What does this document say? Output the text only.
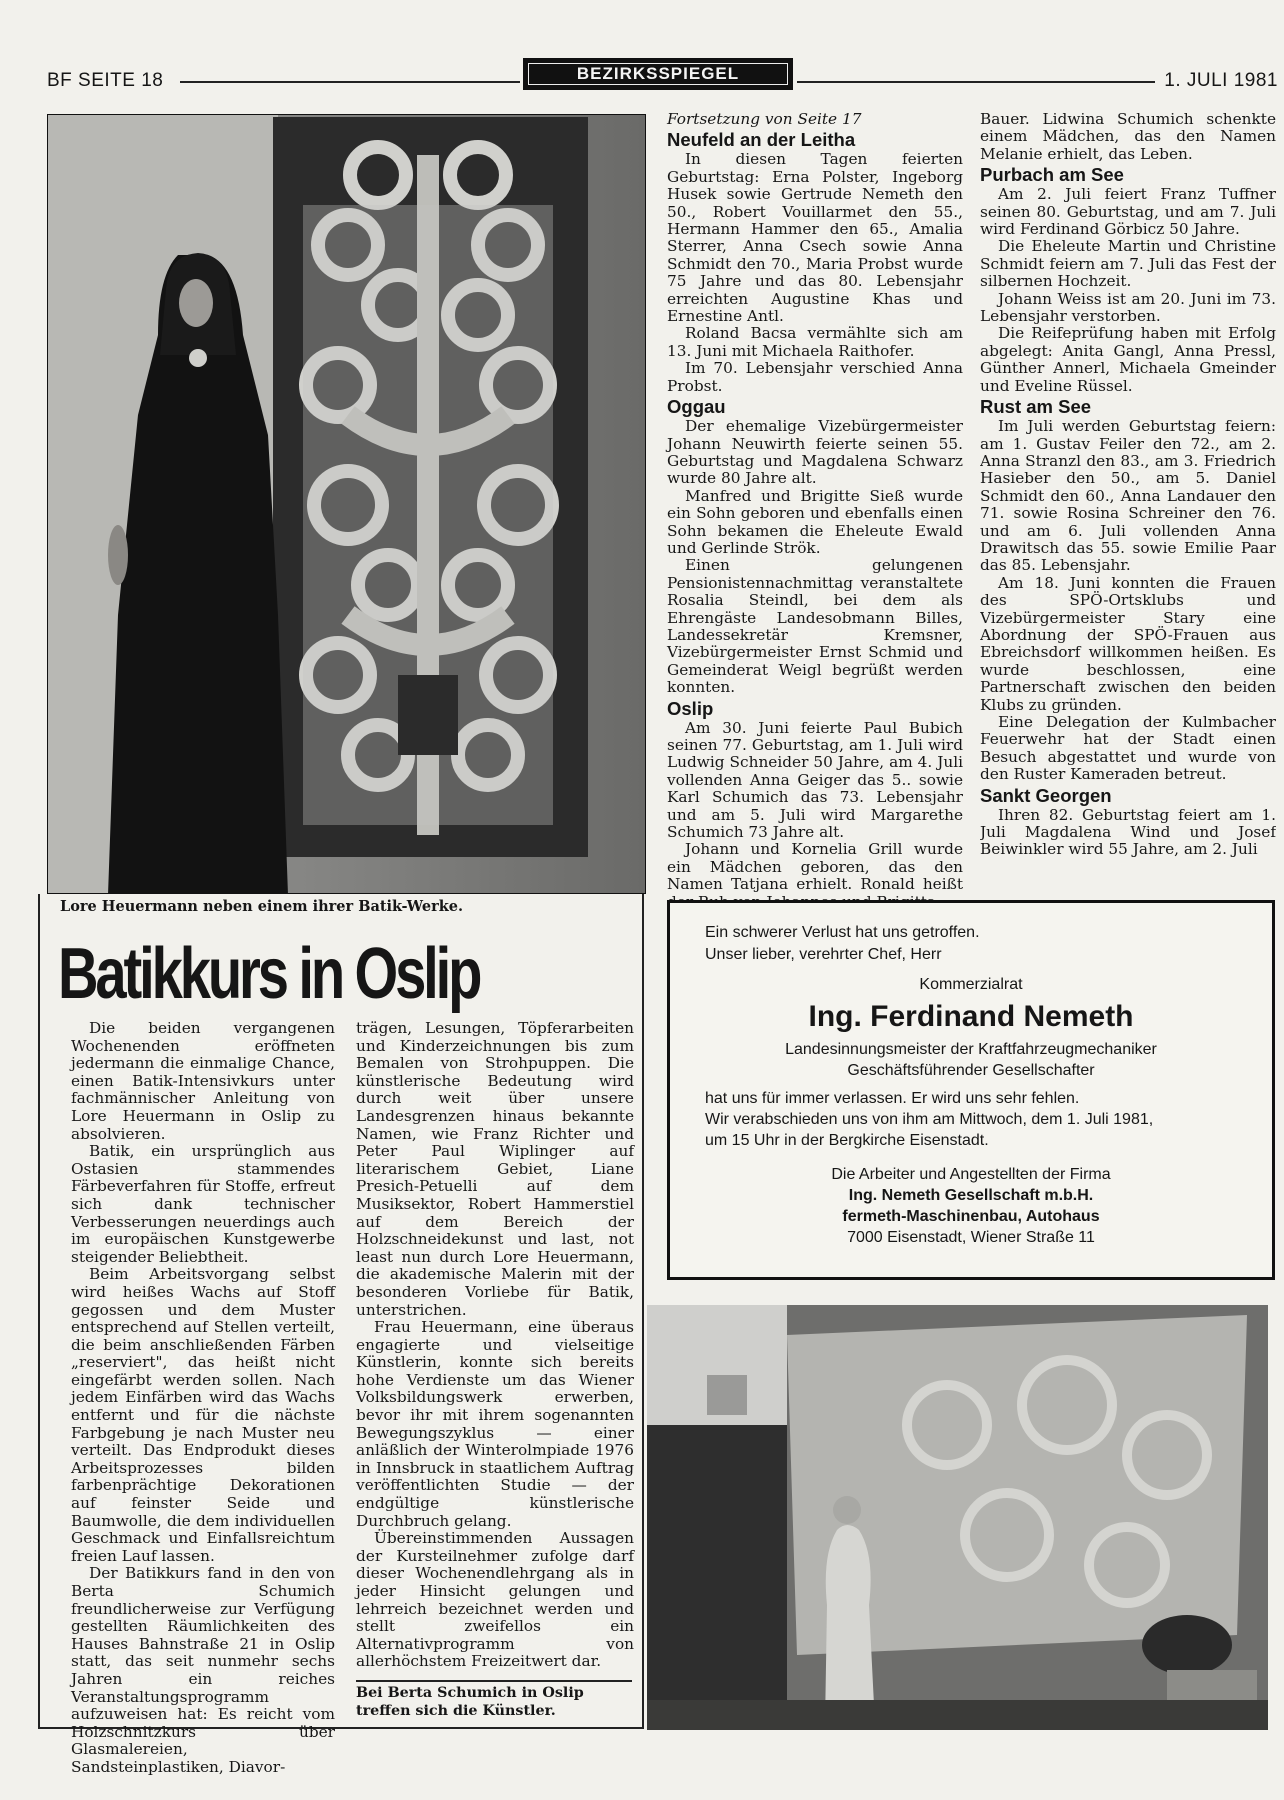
BF SEITE 18	BEZIRKSSPIEGEL	1. JULI 1981
Lore Heuermann neben einem ihrer Batik-Werke.
Batikkurs in Oslip

Die beiden vergangenen Wochenenden eröffneten jedermann die einmalige Chance, einen Batik-Intensivkurs unter fachmännischer Anleitung von Lore Heuermann in Oslip zu absolvieren.

Batik, ein ursprünglich aus Ostasien stammendes Färbeverfahren für Stoffe, erfreut sich dank technischer Verbesserungen neuerdings auch im europäischen Kunstgewerbe steigender Beliebtheit.

Beim Arbeitsvorgang selbst wird heißes Wachs auf Stoff gegossen und dem Muster entsprechend auf Stellen verteilt, die beim anschließenden Färben „reserviert", das heißt nicht eingefärbt werden sollen. Nach jedem Einfärben wird das Wachs entfernt und für die nächste Farbgebung je nach Muster neu verteilt. Das Endprodukt dieses Arbeitsprozesses bilden farbenprächtige Dekorationen auf feinster Seide und Baumwolle, die dem individuellen Geschmack und Einfallsreichtum freien Lauf lassen.

Der Batikkurs fand in den von Berta Schumich freundlicherweise zur Verfügung gestellten Räumlichkeiten des Hauses Bahnstraße 21 in Oslip statt, das seit nunmehr sechs Jahren ein reiches Veranstaltungsprogramm aufzuweisen hat: Es reicht vom Holzschnitzkurs über Glasmalereien, Sandsteinplastiken, Diavor-

trägen, Lesungen, Töpferarbeiten und Kinderzeichnungen bis zum Bemalen von Strohpuppen. Die künstlerische Bedeutung wird durch weit über unsere Landesgrenzen hinaus bekannte Namen, wie Franz Richter und Peter Paul Wiplinger auf literarischem Gebiet, Liane Presich-Petuelli auf dem Musiksektor, Robert Hammerstiel auf dem Bereich der Holzschneidekunst und last, not least nun durch Lore Heuermann, die akademische Malerin mit der besonderen Vorliebe für Batik, unterstrichen.

Frau Heuermann, eine überaus engagierte und vielseitige Künstlerin, konnte sich bereits hohe Verdienste um das Wiener Volksbildungswerk erwerben, bevor ihr mit ihrem sogenannten Bewegungszyklus — einer anläßlich der Winterolmpiade 1976 in Innsbruck in staatlichem Auftrag veröffentlichten Studie — der endgültige künstlerische Durchbruch gelang.

Übereinstimmenden Aussagen der Kursteilnehmer zufolge darf dieser Wochenendlehrgang als in jeder Hinsicht gelungen und lehrreich bezeichnet werden und stellt zweifellos ein Alternativprogramm von allerhöchstem Freizeitwert dar.

Bei Berta Schumich in Oslip treffen sich die Künstler.

Fortsetzung von Seite 17

Neufeld an der Leitha

In diesen Tagen feierten Geburtstag: Erna Polster, Ingeborg Husek sowie Gertrude Nemeth den 50., Robert Vouillarmet den 55., Hermann Hammer den 65., Amalia Sterrer, Anna Csech sowie Anna Schmidt den 70., Maria Probst wurde 75 Jahre und das 80. Lebensjahr erreichten Augustine Khas und Ernestine Antl.

Roland Bacsa vermählte sich am 13. Juni mit Michaela Raithofer.

Im 70. Lebensjahr verschied Anna Probst.

Oggau

Der ehemalige Vizebürgermeister Johann Neuwirth feierte seinen 55. Geburtstag und Magdalena Schwarz wurde 80 Jahre alt.

Manfred und Brigitte Sieß wurde ein Sohn geboren und ebenfalls einen Sohn bekamen die Eheleute Ewald und Gerlinde Strök.

Einen gelungenen Pensionistennachmittag veranstaltete Rosalia Steindl, bei dem als Ehrengäste Landesobmann Billes, Landessekretär Kremsner, Vizebürgermeister Ernst Schmid und Gemeinderat Weigl begrüßt werden konnten.

Oslip

Am 30. Juni feierte Paul Bubich seinen 77. Geburtstag, am 1. Juli wird Ludwig Schneider 50 Jahre, am 4. Juli vollenden Anna Geiger das 5.. sowie Karl Schumich das 73. Lebensjahr und am 5. Juli wird Margarethe Schumich 73 Jahre alt.

Johann und Kornelia Grill wurde ein Mädchen geboren, das den Namen Tatjana erhielt. Ronald heißt

Bauer. Lidwina Schumich schenkte einem Mädchen, das den Namen Melanie erhielt, das Leben.

Purbach am See

Am 2. Juli feiert Franz Tuffner seinen 80. Geburtstag, und am 7. Juli wird Ferdinand Görbicz 50 Jahre.

Die Eheleute Martin und Christine Schmidt feiern am 7. Juli das Fest der silbernen Hochzeit.

Johann Weiss ist am 20. Juni im 73. Lebensjahr verstorben.

Die Reifeprüfung haben mit Erfolg abgelegt: Anita Gangl, Anna Pressl, Günther Annerl, Michaela Gmeinder und Eveline Rüssel.

Rust am See

Im Juli werden Geburtstag feiern: am 1. Gustav Feiler den 72., am 2. Anna Stranzl den 83., am 3. Friedrich Hasieber den 50., am 5. Daniel Schmidt den 60., Anna Landauer den 71. sowie Rosina Schreiner den 76. und am 6. Juli vollenden Anna Drawitsch das 55. sowie Emilie Paar das 85. Lebensjahr.

Am 18. Juni konnten die Frauen des SPÖ-Ortsklubs und Vizebürgermeister Stary eine Abordnung der SPÖ-Frauen aus Ebreichsdorf willkommen heißen. Es wurde beschlossen, eine Partnerschaft zwischen den beiden Klubs zu gründen.

Eine Delegation der Kulmbacher Feuerwehr hat der Stadt einen Besuch abgestattet und wurde von den Ruster Kameraden betreut.

Sankt Georgen

Ihren 82. Geburtstag feiert am 1. Juli Magdalena Wind und Josef Beiwinkler wird 55 Jahre, am 2. Juli

Ein schwerer Verlust hat uns getroffen.
Unser lieber, verehrter Chef, Herr
Kommerzialrat
Ing. Ferdinand Nemeth
Landesinnungsmeister der Kraftfahrzeugmechaniker
Geschäftsführender Gesellschafter
hat uns für immer verlassen. Er wird uns sehr fehlen.
Wir verabschieden uns von ihm am Mittwoch, dem 1. Juli 1981,
um 15 Uhr in der Bergkirche Eisenstadt.
Die Arbeiter und Angestellten der Firma
Ing. Nemeth Gesellschaft m.b.H.
fermeth-Maschinenbau, Autohaus
7000 Eisenstadt, Wiener Straße 11
